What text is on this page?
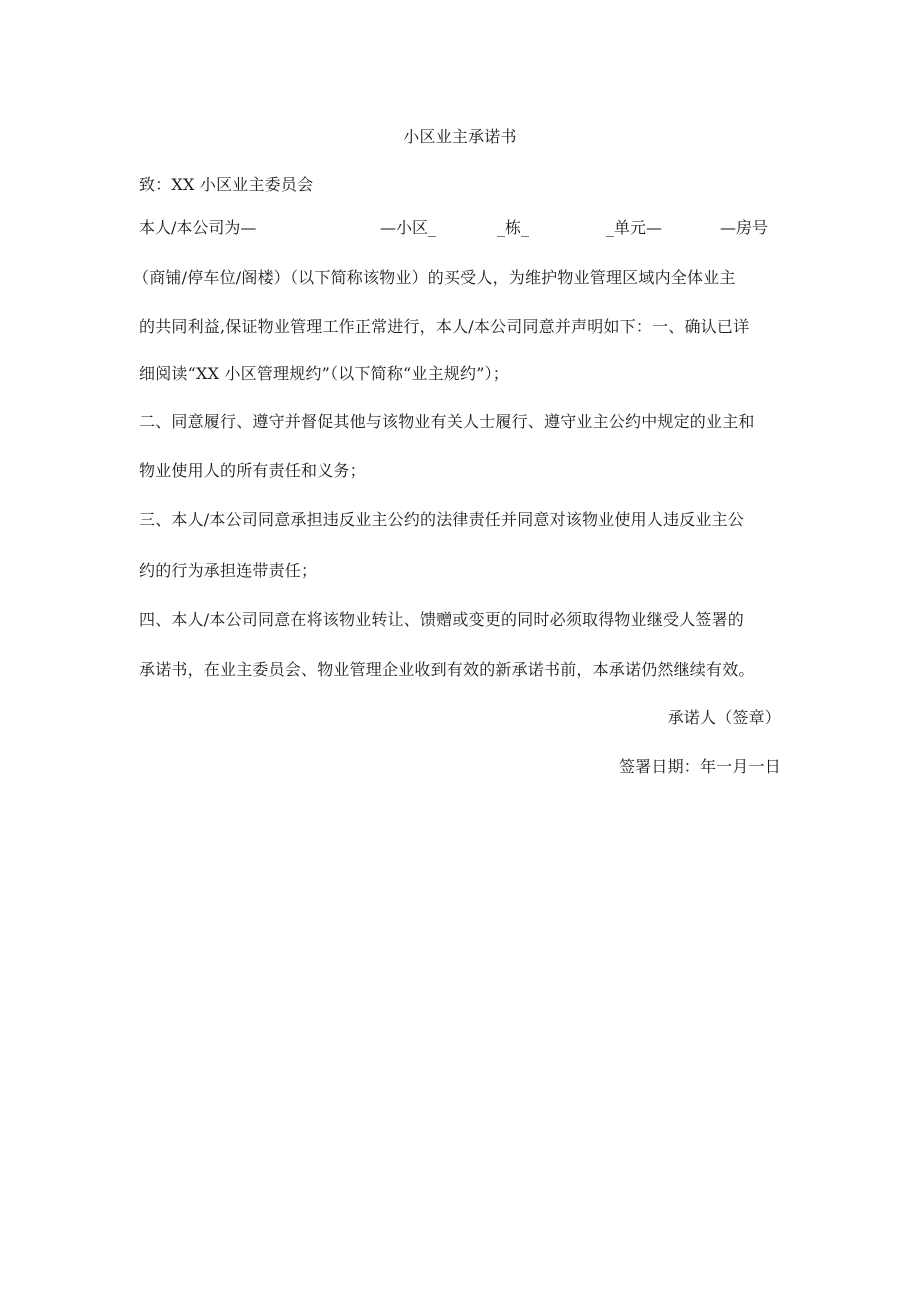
小区业主承诺书
致：XX 小区业主委员会
本人/本公司为—	—小区_	_栋_	_单元—	—房号
（商铺/停车位/阁楼）（以下简称该物业）的买受人，为维护物业管理区域内全体业主
的共同利益,保证物业管理工作正常进行，本人/本公司同意并声明如下：一、确认已详
细阅读“XX 小区管理规约”（以下简称“业主规约”）；
二、同意履行、遵守并督促其他与该物业有关人士履行、遵守业主公约中规定的业主和
物业使用人的所有责任和义务；
三、本人/本公司同意承担违反业主公约的法律责任并同意对该物业使用人违反业主公
约的行为承担连带责任；
四、本人/本公司同意在将该物业转让、馈赠或变更的同时必须取得物业继受人签署的
承诺书，在业主委员会、物业管理企业收到有效的新承诺书前，本承诺仍然继续有效。
承诺人（签章）
签署日期：年一月一日
